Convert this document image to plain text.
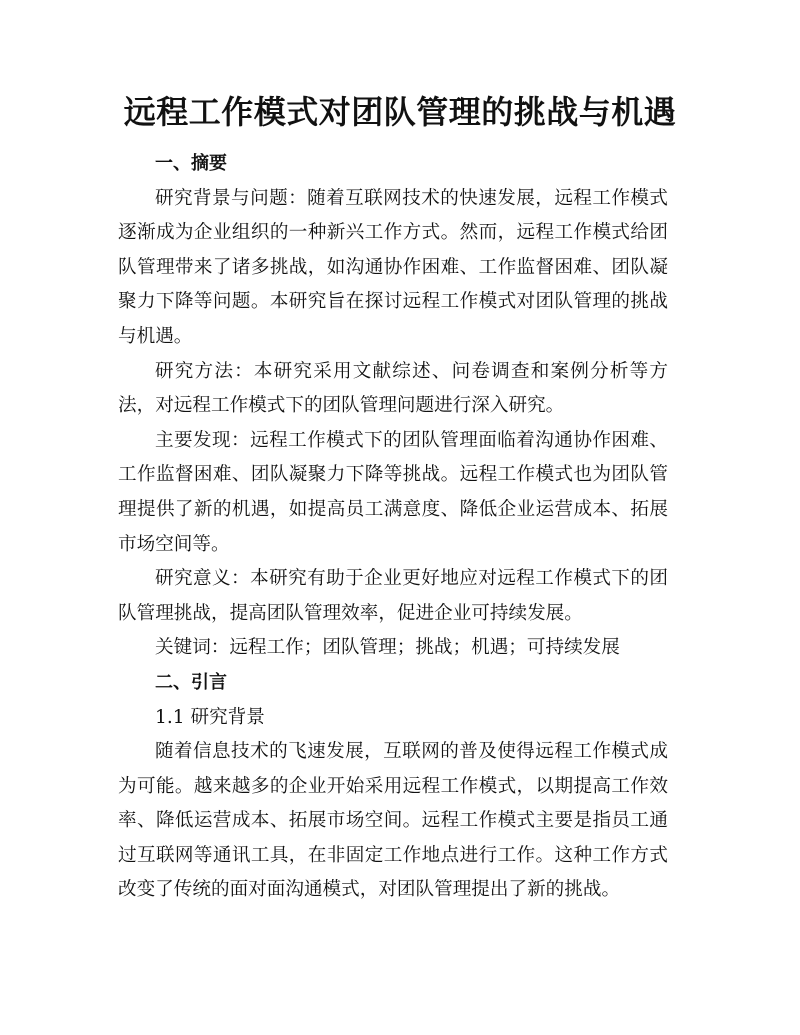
远程工作模式对团队管理的挑战与机遇

一、摘要

研究背景与问题：随着互联网技术的快速发展，远程工作模式逐渐成为企业组织的一种新兴工作方式。然而，远程工作模式给团队管理带来了诸多挑战，如沟通协作困难、工作监督困难、团队凝聚力下降等问题。本研究旨在探讨远程工作模式对团队管理的挑战与机遇。

研究方法：本研究采用文献综述、问卷调查和案例分析等方法，对远程工作模式下的团队管理问题进行深入研究。

主要发现：远程工作模式下的团队管理面临着沟通协作困难、工作监督困难、团队凝聚力下降等挑战。远程工作模式也为团队管理提供了新的机遇，如提高员工满意度、降低企业运营成本、拓展市场空间等。

研究意义：本研究有助于企业更好地应对远程工作模式下的团队管理挑战，提高团队管理效率，促进企业可持续发展。

关键词：远程工作；团队管理；挑战；机遇；可持续发展

二、引言

1.1 研究背景

随着信息技术的飞速发展，互联网的普及使得远程工作模式成为可能。越来越多的企业开始采用远程工作模式，以期提高工作效率、降低运营成本、拓展市场空间。远程工作模式主要是指员工通过互联网等通讯工具，在非固定工作地点进行工作。这种工作方式改变了传统的面对面沟通模式，对团队管理提出了新的挑战。
